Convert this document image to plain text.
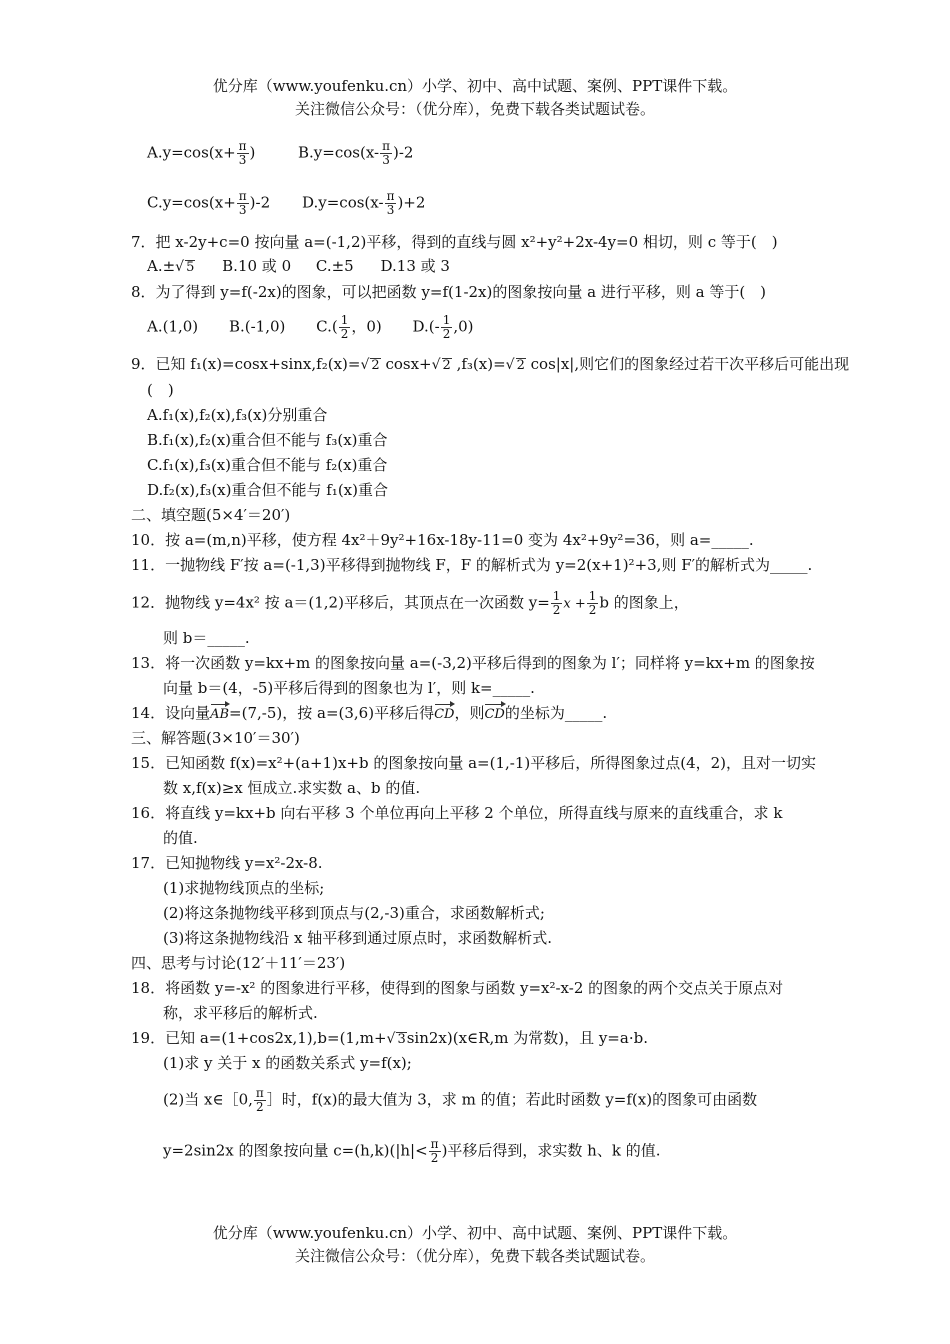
优分库（www.youfenku.cn）小学、初中、高中试题、案例、PPT课件下载。
关注微信公众号：（优分库），免费下载各类试题试卷。
$A.y=\cos(x+ \frac{\pi}{3}$ )	$B.y=\cos(x- \frac{\pi}{3} )-2$
$C.y=\cos(x+ \frac{\pi}{3} )-2$ $D.y=\cos(x- \frac{\pi}{3} )+2$
7．把 x-2y+c=0 按向量 a=(-1,2)平移，得到的直线与圆 x²+y²+2x-4y=0 相切，则 c 等于(　)
A.±√ 5 B.10 或 0 C.±5 D.13 或 3
8．为了得到 y=f(-2x)的图象，可以把函数 y=f(1-2x)的图象按向量 a 进行平移，则 a 等于(　)
A.(1,0) B.(-1,0) $C.( \frac{1}{2}$ ，0) $D.(- \frac{1}{2} ,0)$
9．已知 f₁(x)=cosx+sinx,f₂(x)=√ 2 cosx+√ 2 ,f₃(x)=√ 2 cos|x|,则它们的图象经过若干次平移后可能出现
(　)
A.f₁(x),f₂(x),f₃(x)分别重合
B.f₁(x),f₂(x)重合但不能与 f₃(x)重合
C.f₁(x),f₃(x)重合但不能与 f₂(x)重合
D.f₂(x),f₃(x)重合但不能与 f₁(x)重合
二、填空题(5×4′＝20′)
10．按 a=(m,n)平移，使方程 4x²＋9y²+16x-18y-11=0 变为 4x²+9y²=36，则 a=_____.
11．一抛物线 F′按 a=(-1,3)平移得到抛物线 F，F 的解析式为 y=2(x+1)²+3,则 F′的解析式为_____.
12．抛物线 y=4x² 按 a＝(1,2)平移后，其顶点在一次函数 $y= \frac{1}{2}$ $x + \frac{1}{2}$ b 的图象上，
则 b＝_____.
13．将一次函数 y=kx+m 的图象按向量 a=(-3,2)平移后得到的图象为 l′；同样将 y=kx+m 的图象按
向量 b＝(4，-5)平移后得到的图象也为 l′，则 k=_____.
14．设向量AB=(7,-5)，按 a=(3,6)平移后得CD，则CD的坐标为_____.
三、解答题(3×10′＝30′)
15．已知函数 f(x)=x²+(a+1)x+b 的图象按向量 a=(1,-1)平移后，所得图象过点(4，2)，且对一切实
数 x,f(x)≥x 恒成立.求实数 a、b 的值.
16．将直线 y=kx+b 向右平移 3 个单位再向上平移 2 个单位，所得直线与原来的直线重合，求 k
的值.
17．已知抛物线 y=x²-2x-8.
(1)求抛物线顶点的坐标;
(2)将这条抛物线平移到顶点与(2,-3)重合，求函数解析式;
(3)将这条抛物线沿 x 轴平移到通过原点时，求函数解析式.
四、思考与讨论(12′＋11′＝23′)
18．将函数 y=-x² 的图象进行平移，使得到的图象与函数 y=x²-x-2 的图象的两个交点关于原点对
称，求平移后的解析式.
19．已知 a=(1+cos2x,1),b=(1,m+√ 3sin2x)(x∈R,m 为常数)，且 y=a·b.
(1)求 y 关于 x 的函数关系式 y=f(x);
(2)当 x∈［0, $\frac{\pi}{2}$ ］时，f(x)的最大值为 3，求 m 的值；若此时函数 y=f(x)的图象可由函数
y=2sin2x 的图象按向量 $c=(h,k)(|h|< \frac{\pi}{2}$ )平移后得到，求实数 h、k 的值.
优分库（www.youfenku.cn）小学、初中、高中试题、案例、PPT课件下载。
关注微信公众号：（优分库），免费下载各类试题试卷。
